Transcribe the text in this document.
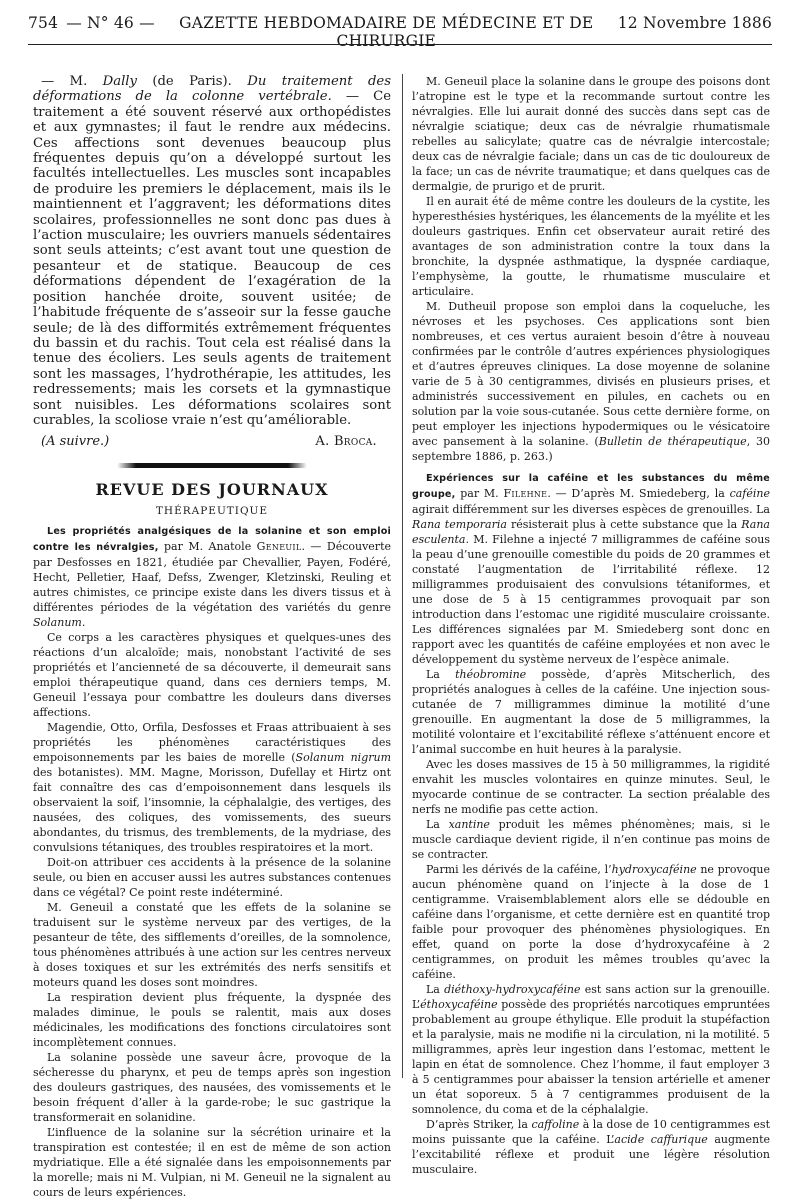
754 — N° 46 —	GAZETTE HEBDOMADAIRE DE MÉDECINE ET DE CHIRURGIE
12 Novembre 1886

— M. Dally (de Paris). Du traitement des déformations de la colonne vertébrale. — Ce traitement a été souvent réservé aux orthopédistes et aux gymnastes; il faut le rendre aux médecins. Ces affections sont devenues beaucoup plus fréquentes depuis qu’on a développé surtout les facultés intellectuelles. Les muscles sont incapables de produire les premiers le déplacement, mais ils le maintiennent et l’aggravent; les déformations dites scolaires, professionnelles ne sont donc pas dues à l’action musculaire; les ouvriers manuels sédentaires sont seuls atteints; c’est avant tout une question de pesanteur et de statique. Beaucoup de ces déformations dépendent de l’exagération de la position hanchée droite, souvent usitée; de l’habitude fréquente de s’asseoir sur la fesse gauche seule; de là des difformités extrêmement fréquentes du bassin et du rachis. Tout cela est réalisé dans la tenue des écoliers. Les seuls agents de traitement sont les massages, l’hydrothérapie, les attitudes, les redressements; mais les corsets et la gymnastique sont nuisibles. Les déformations scolaires sont curables, la scoliose vraie n’est qu’améliorable.

(A suivre.)	A. Broca.
REVUE DES JOURNAUX
THÉRAPEUTIQUE

Les propriétés analgésiques de la solanine et son emploi contre les névralgies, par M. Anatole Geneuil. — Découverte par Desfosses en 1821, étudiée par Chevallier, Payen, Fodéré, Hecht, Pelletier, Haaf, Defss, Zwenger, Kletzinski, Reuling et autres chimistes, ce principe existe dans les divers tissus et à différentes périodes de la végétation des variétés du genre Solanum.

Ce corps a les caractères physiques et quelques-unes des réactions d’un alcaloïde; mais, nonobstant l’activité de ses propriétés et l’ancienneté de sa découverte, il demeurait sans emploi thérapeutique quand, dans ces derniers temps, M. Geneuil l’essaya pour combattre les douleurs dans diverses affections.

Magendie, Otto, Orfila, Desfosses et Fraas attribuaient à ses propriétés les phénomènes caractéristiques des empoisonnements par les baies de morelle (Solanum nigrum des botanistes). MM. Magne, Morisson, Dufellay et Hirtz ont fait connaître des cas d’empoisonnement dans lesquels ils observaient la soif, l’insomnie, la céphalalgie, des vertiges, des nausées, des coliques, des vomissements, des sueurs abondantes, du trismus, des tremblements, de la mydriase, des convulsions tétaniques, des troubles respiratoires et la mort.

Doit-on attribuer ces accidents à la présence de la solanine seule, ou bien en accuser aussi les autres substances contenues dans ce végétal? Ce point reste indéterminé.

M. Geneuil a constaté que les effets de la solanine se traduisent sur le système nerveux par des vertiges, de la pesanteur de tête, des sifflements d’oreilles, de la somnolence, tous phénomènes attribués à une action sur les centres nerveux à doses toxiques et sur les extrémités des nerfs sensitifs et moteurs quand les doses sont moindres.

La respiration devient plus fréquente, la dyspnée des malades diminue, le pouls se ralentit, mais aux doses médicinales, les modifications des fonctions circulatoires sont incomplètement connues.

La solanine possède une saveur âcre, provoque de la sécheresse du pharynx, et peu de temps après son ingestion des douleurs gastriques, des nausées, des vomissements et le besoin fréquent d’aller à la garde-robe; le suc gastrique la transformerait en solanidine.

L’influence de la solanine sur la sécrétion urinaire et la transpiration est contestée; il en est de même de son action mydriatique. Elle a été signalée dans les empoisonnements par la morelle; mais ni M. Vulpian, ni M. Geneuil ne la signalent au cours de leurs expériences.

M. Geneuil place la solanine dans le groupe des poisons dont l’atropine est le type et la recommande surtout contre les névralgies. Elle lui aurait donné des succès dans sept cas de névralgie sciatique; deux cas de névralgie rhumatismale rebelles au salicylate; quatre cas de névralgie intercostale; deux cas de névralgie faciale; dans un cas de tic douloureux de la face; un cas de névrite traumatique; et dans quelques cas de dermalgie, de prurigo et de prurit.

Il en aurait été de même contre les douleurs de la cystite, les hyperesthésies hystériques, les élancements de la myélite et les douleurs gastriques. Enfin cet observateur aurait retiré des avantages de son administration contre la toux dans la bronchite, la dyspnée asthmatique, la dyspnée cardiaque, l’emphysème, la goutte, le rhumatisme musculaire et articulaire.

M. Dutheuil propose son emploi dans la coqueluche, les névroses et les psychoses. Ces applications sont bien nombreuses, et ces vertus auraient besoin d’être à nouveau confirmées par le contrôle d’autres expériences physiologiques et d’autres épreuves cliniques. La dose moyenne de solanine varie de 5 à 30 centigrammes, divisés en plusieurs prises, et administrés successivement en pilules, en cachets ou en solution par la voie sous-cutanée. Sous cette dernière forme, on peut employer les injections hypodermiques ou le vésicatoire avec pansement à la solanine. (Bulletin de thérapeutique, 30 septembre 1886, p. 263.)

Expériences sur la caféine et les substances du même groupe, par M. Filehne. — D’après M. Smiedeberg, la caféine agirait différemment sur les diverses espèces de grenouilles. La Rana temporaria résisterait plus à cette substance que la Rana esculenta. M. Filehne a injecté 7 milligrammes de caféine sous la peau d’une grenouille comestible du poids de 20 grammes et constaté l’augmentation de l’irritabilité réflexe. 12 milligrammes produisaient des convulsions tétaniformes, et une dose de 5 à 15 centigrammes provoquait par son introduction dans l’estomac une rigidité musculaire croissante. Les différences signalées par M. Smiedeberg sont donc en rapport avec les quantités de caféine employées et non avec le développement du système nerveux de l’espèce animale.

La théobromine possède, d’après Mitscherlich, des propriétés analogues à celles de la caféine. Une injection sous-cutanée de 7 milligrammes diminue la motilité d’une grenouille. En augmentant la dose de 5 milligrammes, la motilité volontaire et l’excitabilité réflexe s’atténuent encore et l’animal succombe en huit heures à la paralysie.

Avec les doses massives de 15 à 50 milligrammes, la rigidité envahit les muscles volontaires en quinze minutes. Seul, le myocarde continue de se contracter. La section préalable des nerfs ne modifie pas cette action.

La xantine produit les mêmes phénomènes; mais, si le muscle cardiaque devient rigide, il n’en continue pas moins de se contracter.

Parmi les dérivés de la caféine, l’hydroxycaféine ne provoque aucun phénomène quand on l’injecte à la dose de 1 centigramme. Vraisemblablement alors elle se dédouble en caféine dans l’organisme, et cette dernière est en quantité trop faible pour provoquer des phénomènes physiologiques. En effet, quand on porte la dose d’hydroxycaféine à 2 centigrammes, on produit les mêmes troubles qu’avec la caféine.

La diéthoxy-hydroxycaféine est sans action sur la grenouille. L’éthoxycaféine possède des propriétés narcotiques empruntées probablement au groupe éthylique. Elle produit la stupéfaction et la paralysie, mais ne modifie ni la circulation, ni la motilité. 5 milligrammes, après leur ingestion dans l’estomac, mettent le lapin en état de somnolence. Chez l’homme, il faut employer 3 à 5 centigrammes pour abaisser la tension artérielle et amener un état soporeux. 5 à 7 centigrammes produisent de la somnolence, du coma et de la céphalalgie.

D’après Striker, la caffoline à la dose de 10 centigrammes est moins puissante que la caféine. L’acide caffurique augmente l’excitabilité réflexe et produit une légère résolution musculaire.
